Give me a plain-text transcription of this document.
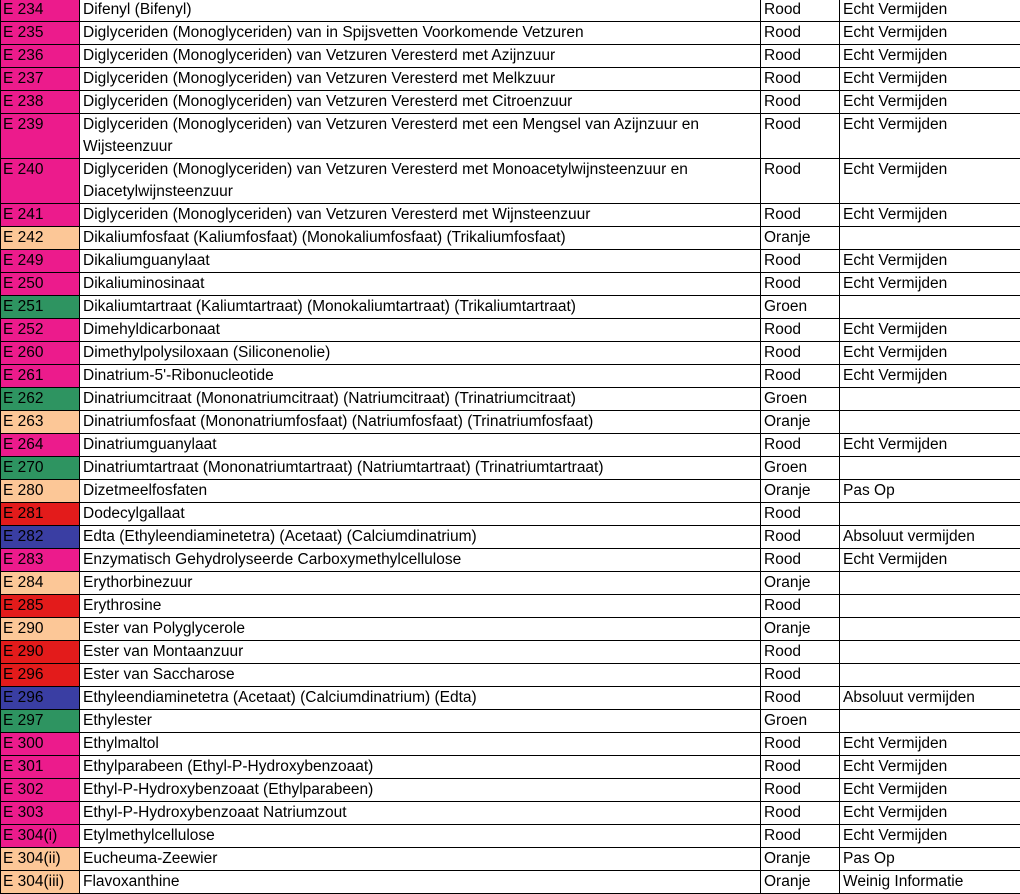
E 234	Difenyl (Bifenyl)	Rood	Echt Vermijden
E 235	Diglyceriden (Monoglyceriden) van in Spijsvetten Voorkomende Vetzuren	Rood	Echt Vermijden
E 236	Diglyceriden (Monoglyceriden) van Vetzuren Veresterd met Azijnzuur	Rood	Echt Vermijden
E 237	Diglyceriden (Monoglyceriden) van Vetzuren Veresterd met Melkzuur	Rood	Echt Vermijden
E 238	Diglyceriden (Monoglyceriden) van Vetzuren Veresterd met Citroenzuur	Rood	Echt Vermijden
E 239	Diglyceriden (Monoglyceriden) van Vetzuren Veresterd met een Mengsel van Azijnzuur en Wijsteenzuur	Rood	Echt Vermijden
E 240	Diglyceriden (Monoglyceriden) van Vetzuren Veresterd met Monoacetylwijnsteenzuur en Diacetylwijnsteenzuur	Rood	Echt Vermijden
E 241	Diglyceriden (Monoglyceriden) van Vetzuren Veresterd met Wijnsteenzuur	Rood	Echt Vermijden
E 242	Dikaliumfosfaat (Kaliumfosfaat) (Monokaliumfosfaat) (Trikaliumfosfaat)	Oranje	
E 249	Dikaliumguanylaat	Rood	Echt Vermijden
E 250	Dikaliuminosinaat	Rood	Echt Vermijden
E 251	Dikaliumtartraat (Kaliumtartraat) (Monokaliumtartraat) (Trikaliumtartraat)	Groen	
E 252	Dimehyldicarbonaat	Rood	Echt Vermijden
E 260	Dimethylpolysiloxaan (Siliconenolie)	Rood	Echt Vermijden
E 261	Dinatrium-5'-Ribonucleotide	Rood	Echt Vermijden
E 262	Dinatriumcitraat (Mononatriumcitraat) (Natriumcitraat) (Trinatriumcitraat)	Groen	
E 263	Dinatriumfosfaat (Mononatriumfosfaat) (Natriumfosfaat) (Trinatriumfosfaat)	Oranje	
E 264	Dinatriumguanylaat	Rood	Echt Vermijden
E 270	Dinatriumtartraat (Mononatriumtartraat) (Natriumtartraat) (Trinatriumtartraat)	Groen	
E 280	Dizetmeelfosfaten	Oranje	Pas Op
E 281	Dodecylgallaat	Rood	
E 282	Edta (Ethyleendiaminetetra) (Acetaat) (Calciumdinatrium)	Rood	Absoluut vermijden
E 283	Enzymatisch Gehydrolyseerde Carboxymethylcellulose	Rood	Echt Vermijden
E 284	Erythorbinezuur	Oranje	
E 285	Erythrosine	Rood	
E 290	Ester van Polyglycerole	Oranje	
E 290	Ester van Montaanzuur	Rood	
E 296	Ester van Saccharose	Rood	
E 296	Ethyleendiaminetetra (Acetaat) (Calciumdinatrium) (Edta)	Rood	Absoluut vermijden
E 297	Ethylester	Groen	
E 300	Ethylmaltol	Rood	Echt Vermijden
E 301	Ethylparabeen (Ethyl-P-Hydroxybenzoaat)	Rood	Echt Vermijden
E 302	Ethyl-P-Hydroxybenzoaat (Ethylparabeen)	Rood	Echt Vermijden
E 303	Ethyl-P-Hydroxybenzoaat Natriumzout	Rood	Echt Vermijden
E 304(i)	Etylmethylcellulose	Rood	Echt Vermijden
E 304(ii)	Eucheuma-Zeewier	Oranje	Pas Op
E 304(iii)	Flavoxanthine	Oranje	Weinig Informatie
